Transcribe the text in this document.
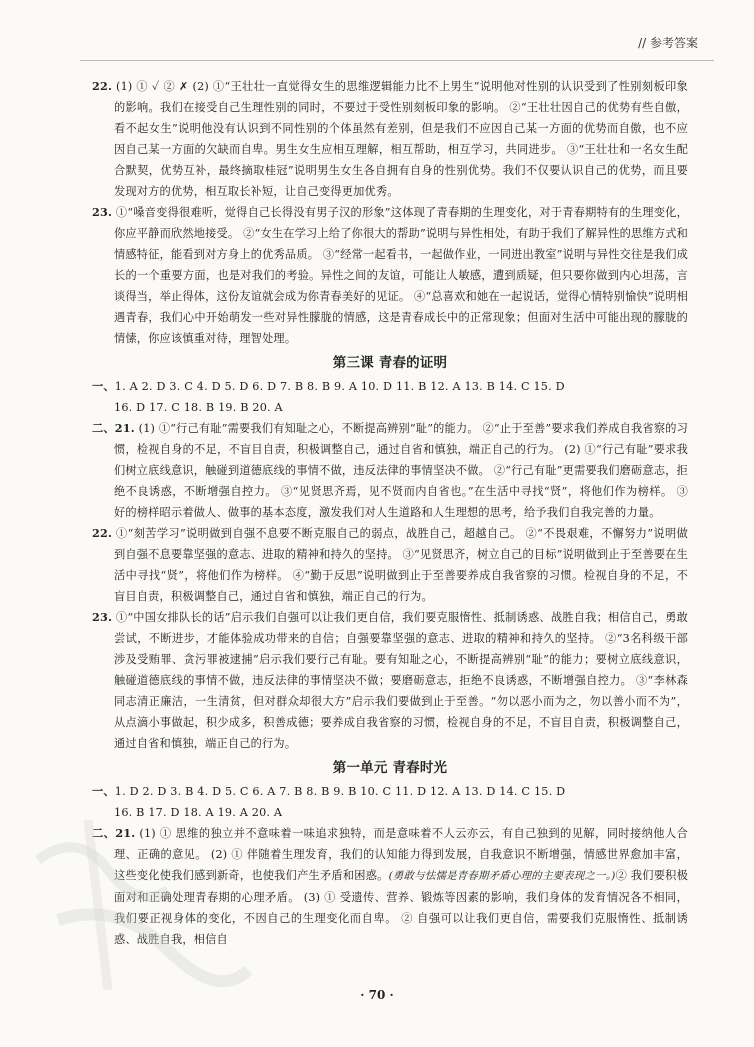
// 参考答案

22. (1) ① ✓ ② ✗ (2) ①“王壮壮一直觉得女生的思维逻辑能力比不上男生”说明他对性别的认识受到了性别刻板印象的影响。我们在接受自己生理性别的同时，不要过于受性别刻板印象的影响。 ②“王壮壮因自己的优势有些自傲，看不起女生”说明他没有认识到不同性别的个体虽然有差别，但是我们不应因自己某一方面的优势而自傲，也不应因自己某一方面的欠缺而自卑。男生女生应相互理解，相互帮助，相互学习，共同进步。 ③“王壮壮和一名女生配合默契，优势互补，最终摘取桂冠”说明男生女生各自拥有自身的性别优势。我们不仅要认识自己的优势，而且要发现对方的优势，相互取长补短，让自己变得更加优秀。

23. ①“嗓音变得很难听，觉得自己长得没有男子汉的形象”这体现了青春期的生理变化，对于青春期特有的生理变化，你应平静而欣然地接受。 ②“女生在学习上给了你很大的帮助”说明与异性相处，有助于我们了解异性的思维方式和情感特征，能看到对方身上的优秀品质。 ③“经常一起看书，一起做作业，一同进出教室”说明与异性交往是我们成长的一个重要方面，也是对我们的考验。异性之间的友谊，可能让人敏感，遭到质疑，但只要你做到内心坦荡，言谈得当，举止得体，这份友谊就会成为你青春美好的见证。 ④“总喜欢和她在一起说话，觉得心情特别愉快”说明相遇青春，我们心中开始萌发一些对异性朦胧的情感，这是青春成长中的正常现象；但面对生活中可能出现的朦胧的情愫，你应该慎重对待，理智处理。

第三课 青春的证明

一、1. A 2. D 3. C 4. D 5. D 6. D 7. B 8. B 9. A 10. D 11. B 12. A 13. B 14. C 15. D
16. D 17. C 18. B 19. B 20. A

二、21. (1) ①“行己有耻”需要我们有知耻之心，不断提高辨别“耻”的能力。 ②“止于至善”要求我们养成自我省察的习惯，检视自身的不足，不盲目自责，积极调整自己，通过自省和慎独，端正自己的行为。 (2) ①“行己有耻”要求我们树立底线意识，触碰到道德底线的事情不做，违反法律的事情坚决不做。 ②“行己有耻”更需要我们磨砺意志，拒绝不良诱惑，不断增强自控力。 ③“见贤思齐焉，见不贤而内自省也。”在生活中寻找“贤”，将他们作为榜样。 ③ 好的榜样昭示着做人、做事的基本态度，激发我们对人生道路和人生理想的思考，给予我们自我完善的力量。

22. ①“刻苦学习”说明做到自强不息要不断克服自己的弱点，战胜自己，超越自己。 ②“不畏艰难，不懈努力”说明做到自强不息要靠坚强的意志、进取的精神和持久的坚持。 ③“见贤思齐，树立自己的目标”说明做到止于至善要在生活中寻找“贤”，将他们作为榜样。 ④“勤于反思”说明做到止于至善要养成自我省察的习惯。检视自身的不足，不盲目自责，积极调整自己，通过自省和慎独，端正自己的行为。

23. ①“中国女排队长的话”启示我们自强可以让我们更自信，我们要克服惰性、抵制诱惑、战胜自我；相信自己，勇敢尝试，不断进步，才能体验成功带来的自信；自强要靠坚强的意志、进取的精神和持久的坚持。 ②“3名科级干部涉及受贿罪、贪污罪被逮捕”启示我们要行己有耻。要有知耻之心，不断提高辨别“耻”的能力；要树立底线意识，触碰道德底线的事情不做，违反法律的事情坚决不做；要磨砺意志，拒绝不良诱惑，不断增强自控力。 ③“李林森同志清正廉洁，一生清贫，但对群众却很大方”启示我们要做到止于至善。“勿以恶小而为之，勿以善小而不为”，从点滴小事做起，积少成多，积善成德；要养成自我省察的习惯，检视自身的不足，不盲目自责，积极调整自己，通过自省和慎独，端正自己的行为。

第一单元 青春时光

一、1. D 2. D 3. B 4. D 5. C 6. A 7. B 8. B 9. B 10. C 11. D 12. A 13. D 14. C 15. D
16. B 17. D 18. A 19. A 20. A

二、21. (1) ① 思维的独立并不意味着一味追求独特，而是意味着不人云亦云，有自己独到的见解，同时接纳他人合理、正确的意见。 (2) ① 伴随着生理发育，我们的认知能力得到发展，自我意识不断增强，情感世界愈加丰富，这些变化使我们感到新奇，也使我们产生矛盾和困惑。(勇敢与怯懦是青春期矛盾心理的主要表现之一。)② 我们要积极面对和正确处理青春期的心理矛盾。 (3) ① 受遗传、营养、锻炼等因素的影响，我们身体的发育情况各不相同，我们要正视身体的变化，不因自己的生理变化而自卑。 ② 自强可以让我们更自信，需要我们克服惰性、抵制诱惑、战胜自我，相信自

· 70 ·
